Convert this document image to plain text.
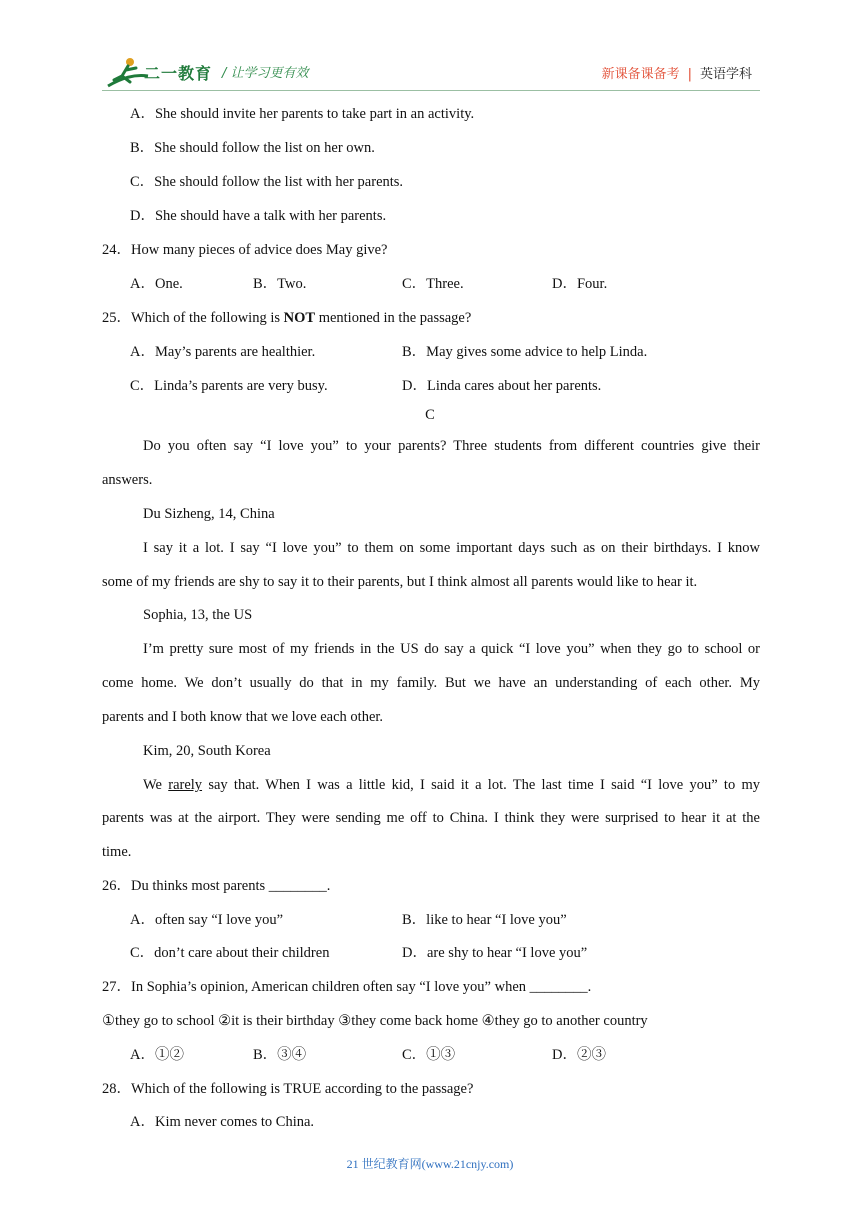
二一教育 / 让学习更有效	新课备课备考 | 英语学科
A．She should invite her parents to take part in an activity.
B．She should follow the list on her own.
C．She should follow the list with her parents.
D．She should have a talk with her parents.
24．How many pieces of advice does May give?
A．One.	B．Two.	C．Three.	D．Four.
25．Which of the following is NOT mentioned in the passage?
A．May’s parents are healthier.	B．May gives some advice to help Linda.
C．Linda’s parents are very busy.	D．Linda cares about her parents.
C
Do you often say “I love you” to your parents? Three students from different countries give their
answers.
Du Sizheng, 14, China
I say it a lot. I say “I love you” to them on some important days such as on their birthdays. I know
some of my friends are shy to say it to their parents, but I think almost all parents would like to hear it.
Sophia, 13, the US
I’m pretty sure most of my friends in the US do say a quick “I love you” when they go to school or
come home. We don’t usually do that in my family. But we have an understanding of each other. My
parents and I both know that we love each other.
Kim, 20, South Korea
We rarely say that. When I was a little kid, I said it a lot. The last time I said “I love you” to my
parents was at the airport. They were sending me off to China. I think they were surprised to hear it at the
time.
26．Du thinks most parents ________.
A．often say “I love you”	B．like to hear “I love you”
C．don’t care about their children	D．are shy to hear “I love you”
27．In Sophia’s opinion, American children often say “I love you” when ________.
①they go to school ②it is their birthday ③they come back home ④they go to another country
A．①②	B．③④	C．①③	D．②③
28．Which of the following is TRUE according to the passage?
A．Kim never comes to China.
21 世纪教育网(www.21cnjy.com)
